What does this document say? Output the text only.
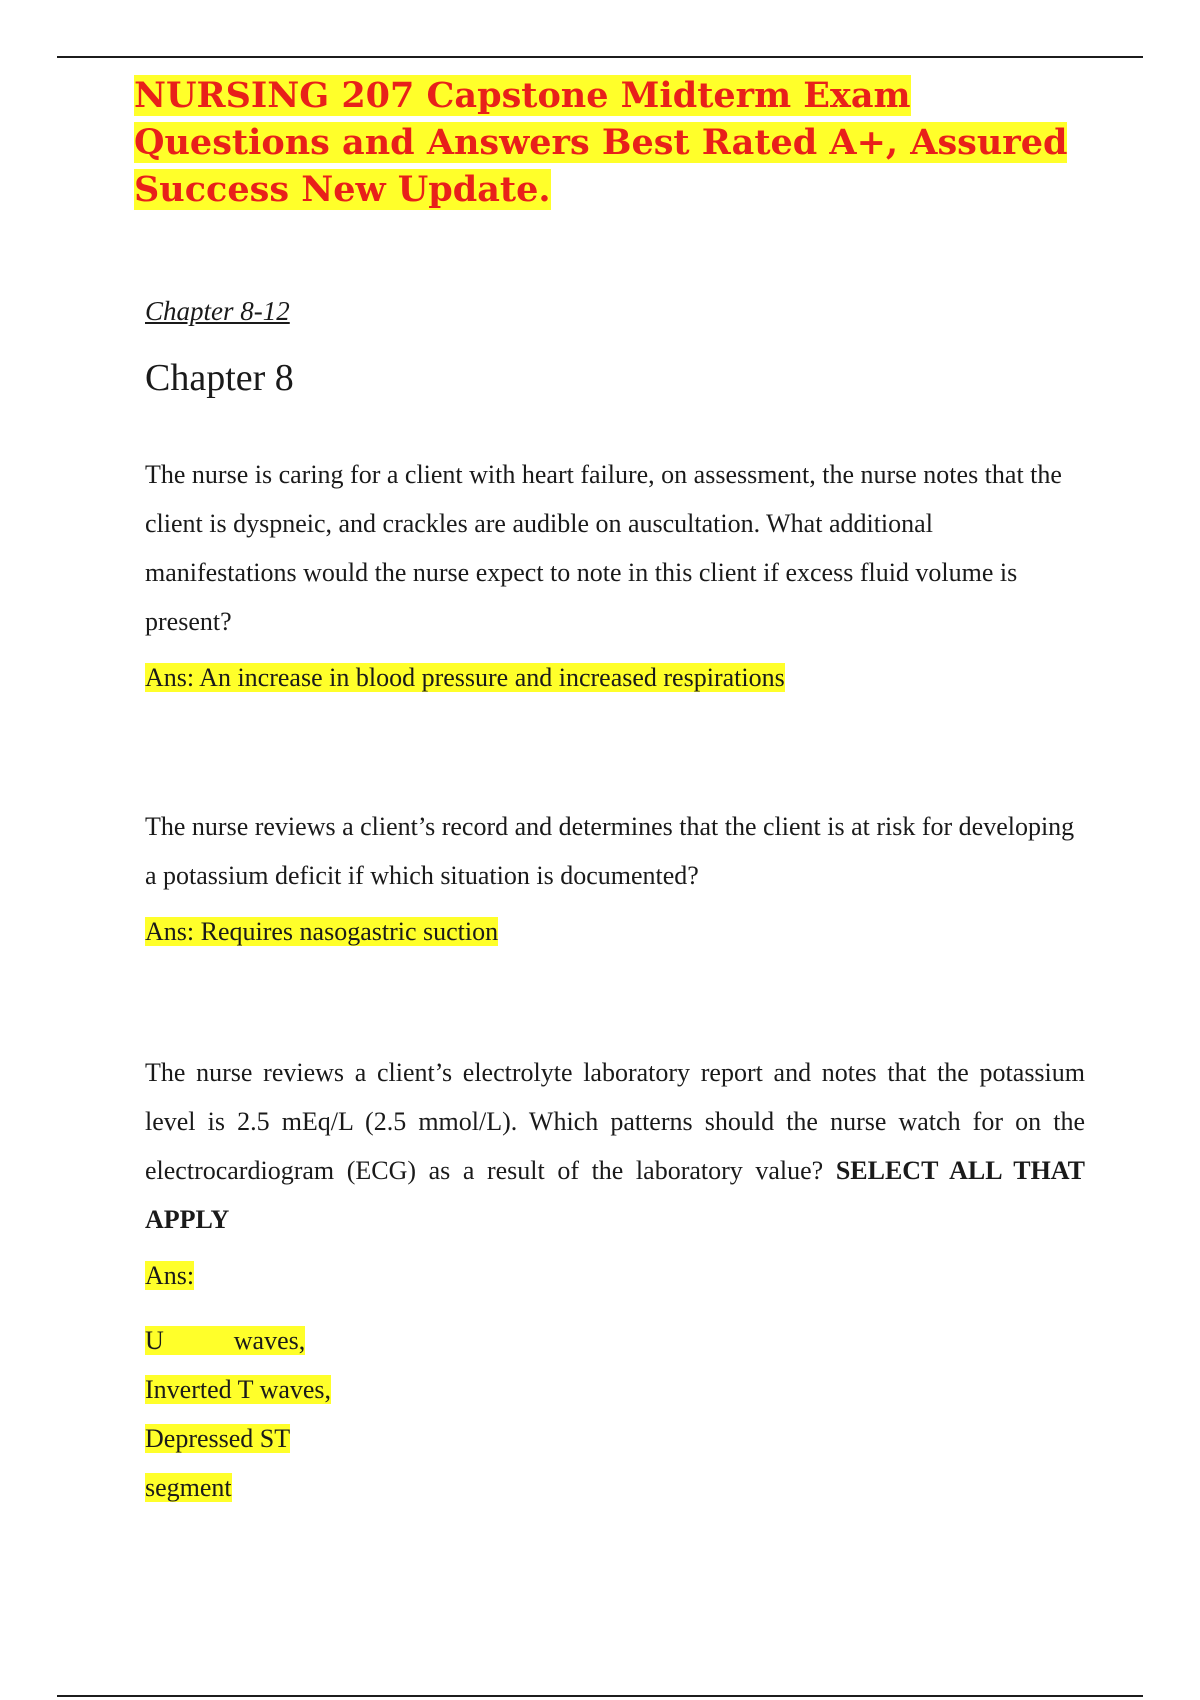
NURSING 207 Capstone Midterm Exam Questions and Answers Best Rated A+, Assured Success New Update.

Chapter 8-12

Chapter 8

The nurse is caring for a client with heart failure, on assessment, the nurse notes that the client is dyspneic, and crackles are audible on auscultation. What additional manifestations would the nurse expect to note in this client if excess fluid volume is present?

Ans: An increase in blood pressure and increased respirations

The nurse reviews a client’s record and determines that the client is at risk for developing a potassium deficit if which situation is documented?

Ans: Requires nasogastric suction

The nurse reviews a client’s electrolyte laboratory report and notes that the potassium level is 2.5 mEq/L (2.5 mmol/L). Which patterns should the nurse watch for on the electrocardiogram (ECG) as a result of the laboratory value? SELECT ALL THAT APPLY

Ans:

U	waves,

Inverted T waves,

Depressed ST

segment
